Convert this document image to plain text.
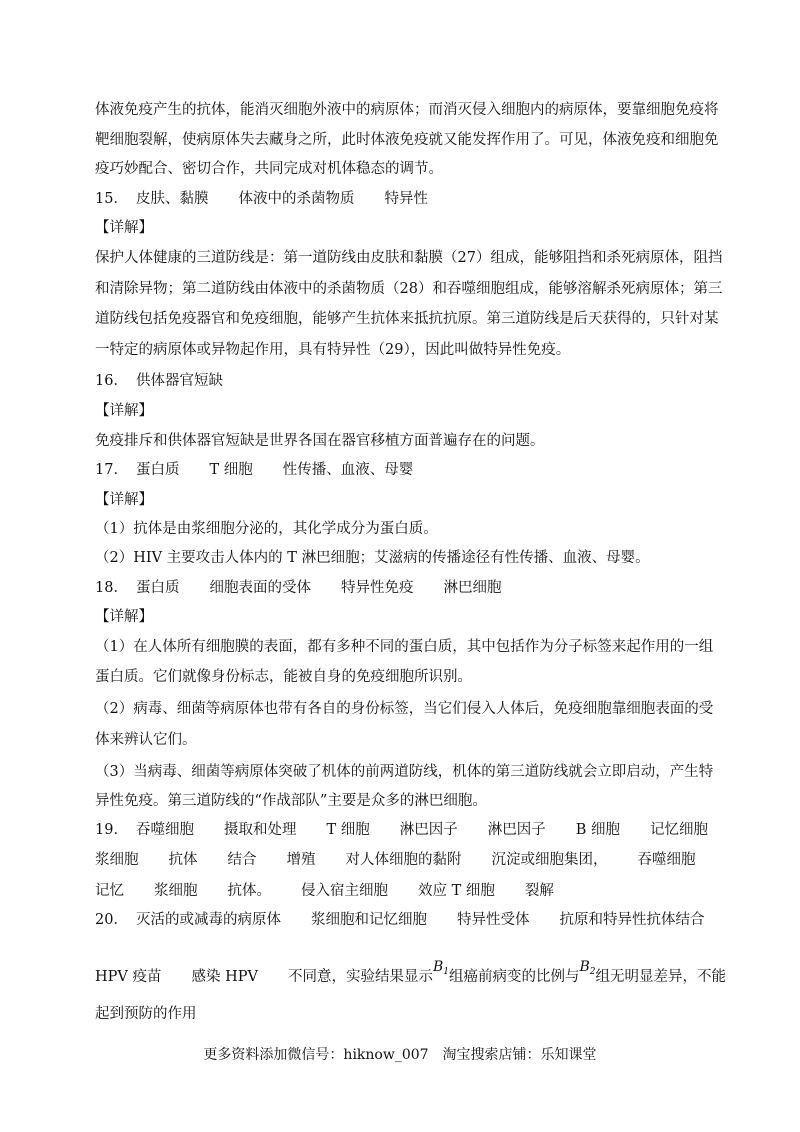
体液免疫产生的抗体，能消灭细胞外液中的病原体；而消灭侵入细胞内的病原体，要靠细胞免疫将
靶细胞裂解，使病原体失去藏身之所，此时体液免疫就又能发挥作用了。可见，体液免疫和细胞免
疫巧妙配合、密切合作，共同完成对机体稳态的调节。
15． 皮肤、黏膜 体液中的杀菌物质 特异性
【详解】
保护人体健康的三道防线是：第一道防线由皮肤和黏膜（27）组成，能够阻挡和杀死病原体，阻挡
和清除异物；第二道防线由体液中的杀菌物质（28）和吞噬细胞组成，能够溶解杀死病原体；第三
道防线包括免疫器官和免疫细胞，能够产生抗体来抵抗抗原。第三道防线是后天获得的，只针对某
一特定的病原体或异物起作用，具有特异性（29），因此叫做特异性免疫。
16． 供体器官短缺
【详解】
免疫排斥和供体器官短缺是世界各国在器官移植方面普遍存在的问题。
17． 蛋白质 T 细胞 性传播、血液、母婴
【详解】
（1）抗体是由浆细胞分泌的，其化学成分为蛋白质。
（2）HIV 主要攻击人体内的 T 淋巴细胞；艾滋病的传播途径有性传播、血液、母婴。
18． 蛋白质 细胞表面的受体 特异性免疫 淋巴细胞
【详解】
（1）在人体所有细胞膜的表面，都有多种不同的蛋白质，其中包括作为分子标签来起作用的一组
蛋白质。它们就像身份标志，能被自身的免疫细胞所识别。
（2）病毒、细菌等病原体也带有各自的身份标签，当它们侵入人体后，免疫细胞靠细胞表面的受
体来辨认它们。
（3）当病毒、细菌等病原体突破了机体的前两道防线，机体的第三道防线就会立即启动，产生特
异性免疫。第三道防线的“作战部队”主要是众多的淋巴细胞。
19． 吞噬细胞 摄取和处理 T 细胞 淋巴因子 淋巴因子 B 细胞 记忆细胞
浆细胞 抗体 结合 增殖 对人体细胞的黏附 沉淀或细胞集团， 吞噬细胞
记忆 浆细胞 抗体。 侵入宿主细胞 效应 T 细胞 裂解
20． 灭活的或减毒的病原体 浆细胞和记忆细胞 特异性受体 抗原和特异性抗体结合
HPV 疫苗 感染 HPV 不同意，实验结果显示$B_1$组癌前病变的比例与$B_2$组无明显差异，不能
起到预防的作用
更多资料添加微信号：hiknow_007　淘宝搜索店铺：乐知课堂
